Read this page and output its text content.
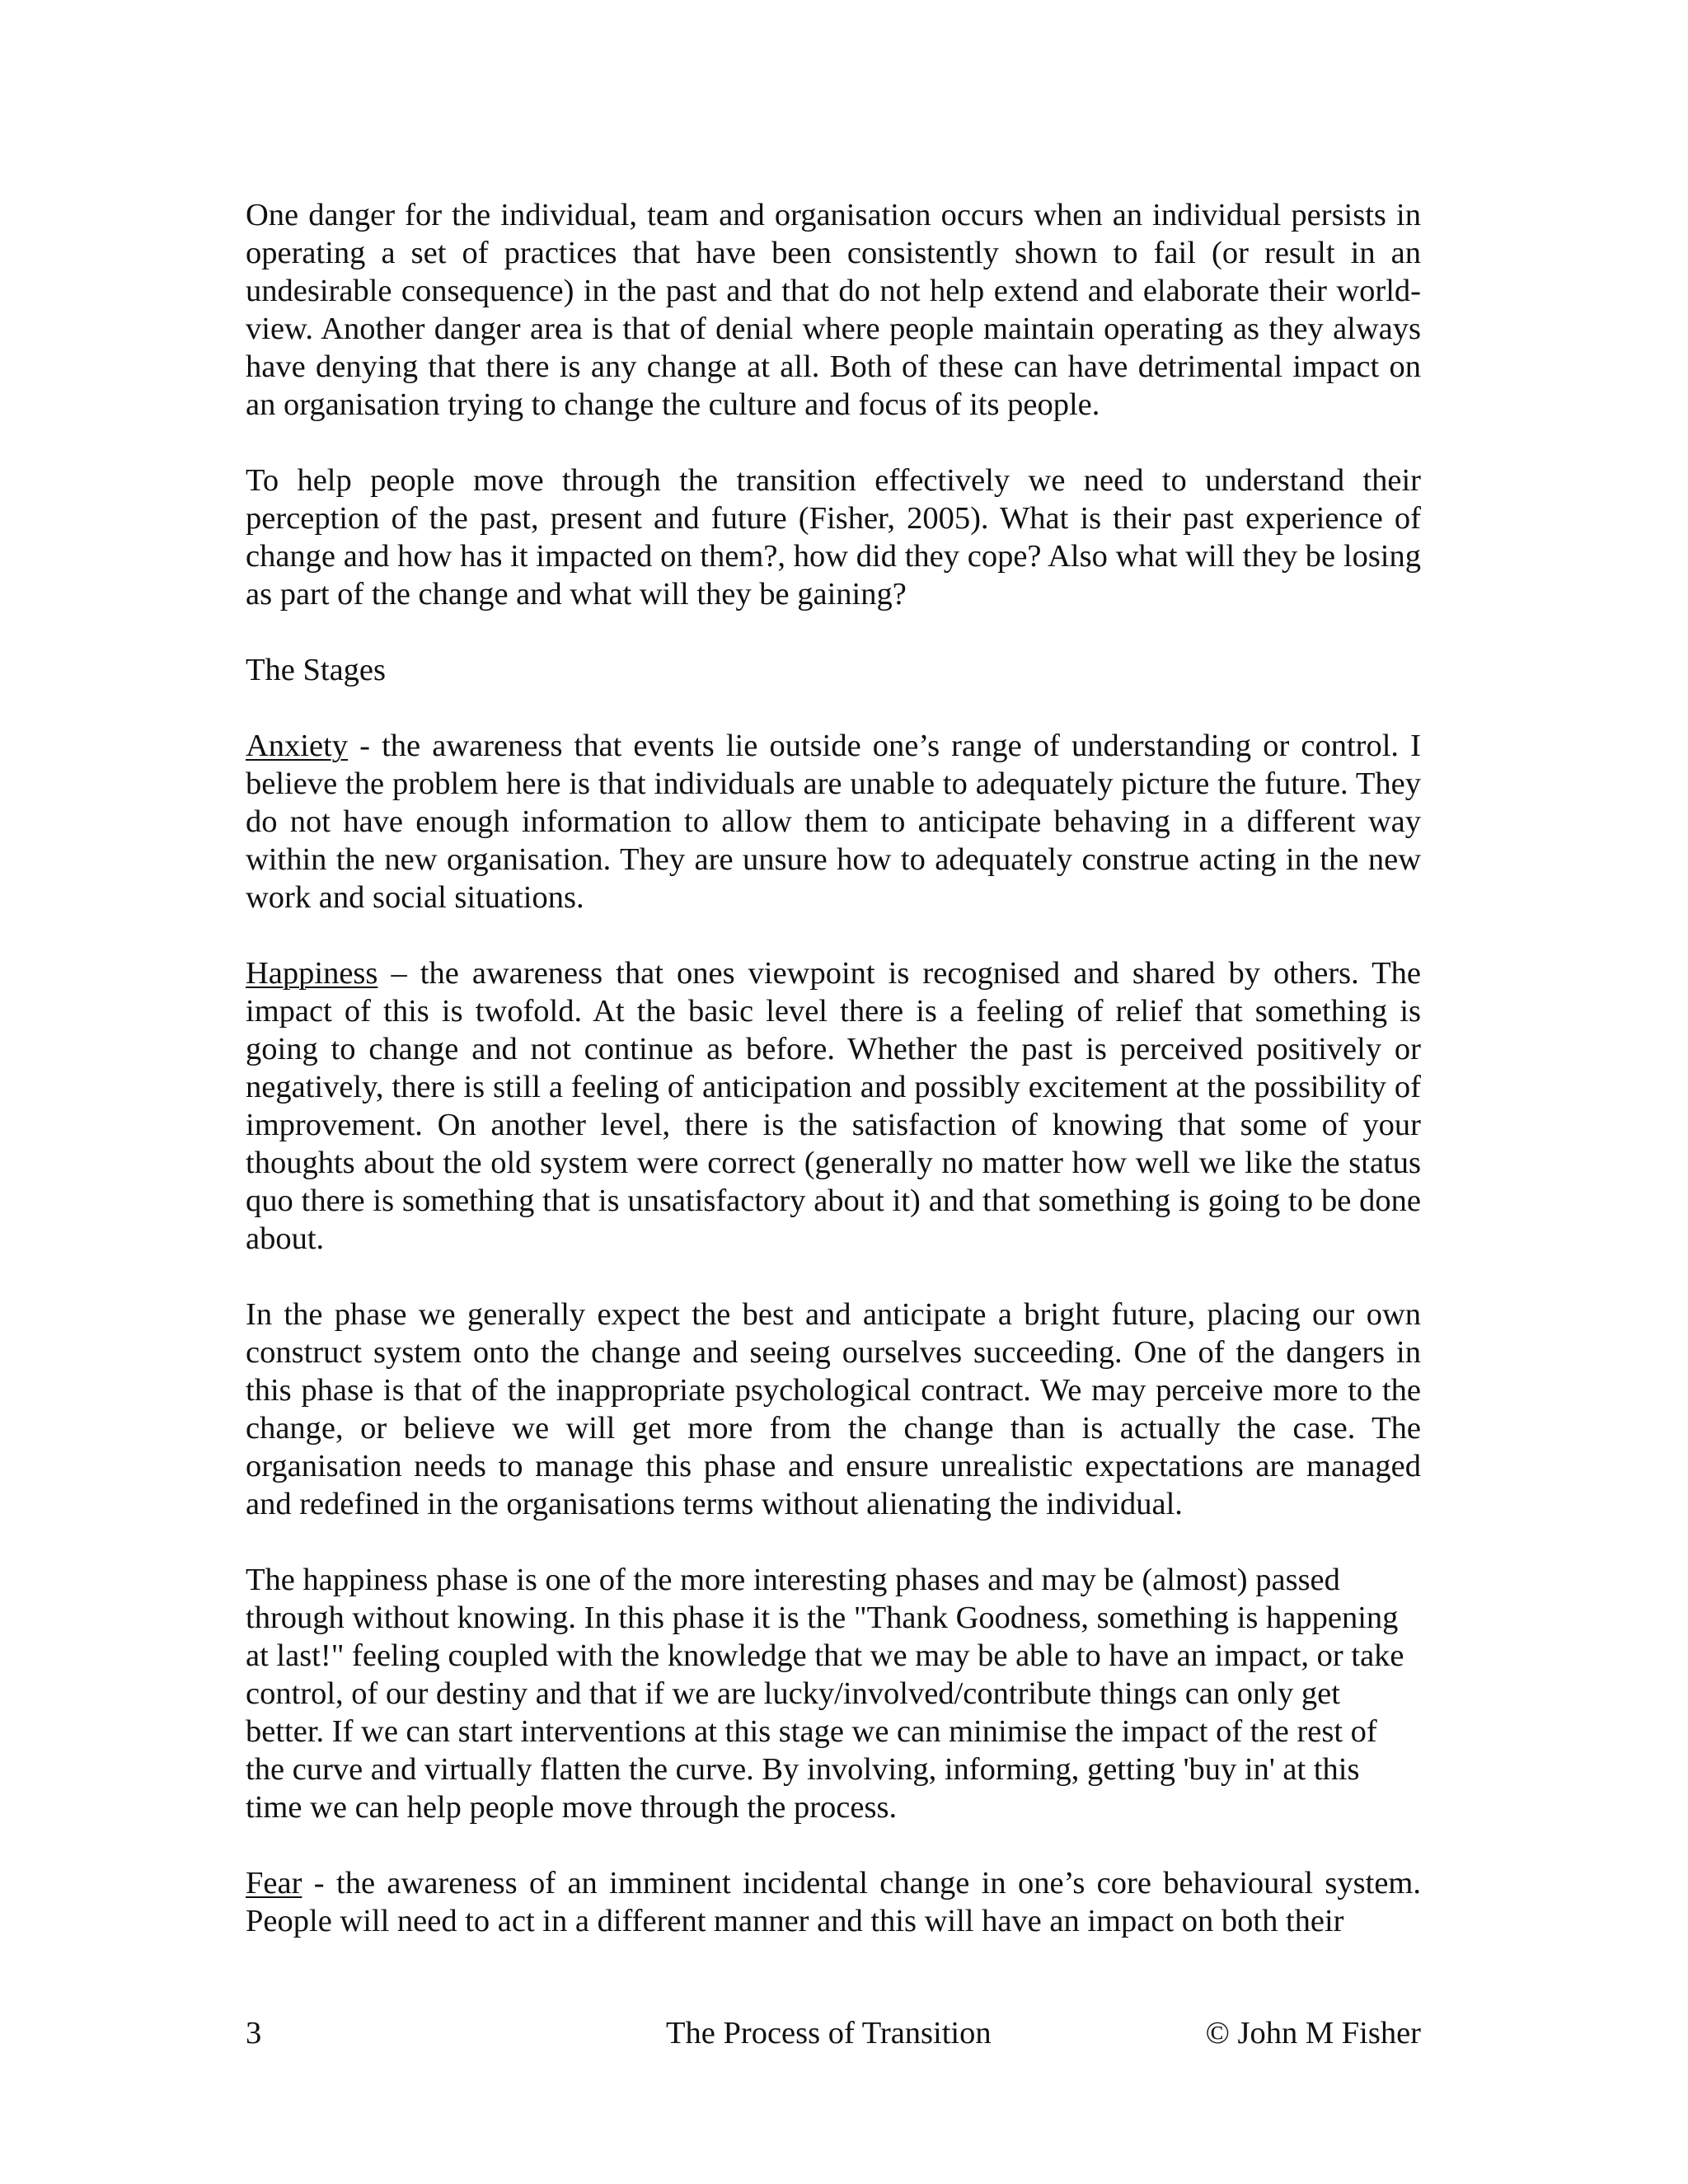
One danger for the individual, team and organisation occurs when an individual persists in operating a set of practices that have been consistently shown to fail (or result in an undesirable consequence) in the past and that do not help extend and elaborate their world-view. Another danger area is that of denial where people maintain operating as they always have denying that there is any change at all. Both of these can have detrimental impact on an organisation trying to change the culture and focus of its people.

To help people move through the transition effectively we need to understand their perception of the past, present and future (Fisher, 2005). What is their past experience of change and how has it impacted on them?, how did they cope? Also what will they be losing as part of the change and what will they be gaining?

The Stages

Anxiety - the awareness that events lie outside one’s range of understanding or control. I believe the problem here is that individuals are unable to adequately picture the future. They do not have enough information to allow them to anticipate behaving in a different way within the new organisation. They are unsure how to adequately construe acting in the new work and social situations.

Happiness – the awareness that ones viewpoint is recognised and shared by others. The impact of this is twofold. At the basic level there is a feeling of relief that something is going to change and not continue as before. Whether the past is perceived positively or negatively, there is still a feeling of anticipation and possibly excitement at the possibility of improvement. On another level, there is the satisfaction of knowing that some of your thoughts about the old system were correct (generally no matter how well we like the status quo there is something that is unsatisfactory about it) and that something is going to be done about.

In the phase we generally expect the best and anticipate a bright future, placing our own construct system onto the change and seeing ourselves succeeding. One of the dangers in this phase is that of the inappropriate psychological contract. We may perceive more to the change, or believe we will get more from the change than is actually the case. The organisation needs to manage this phase and ensure unrealistic expectations are managed and redefined in the organisations terms without alienating the individual.

The happiness phase is one of the more interesting phases and may be (almost) passed through without knowing. In this phase it is the "Thank Goodness, something is happening at last!" feeling coupled with the knowledge that we may be able to have an impact, or take control, of our destiny and that if we are lucky/involved/contribute things can only get better. If we can start interventions at this stage we can minimise the impact of the rest of the curve and virtually flatten the curve. By involving, informing, getting 'buy in' at this time we can help people move through the process.

Fear - the awareness of an imminent incidental change in one’s core behavioural system. People will need to act in a different manner and this will have an impact on both their

3	The Process of Transition	© John M Fisher
